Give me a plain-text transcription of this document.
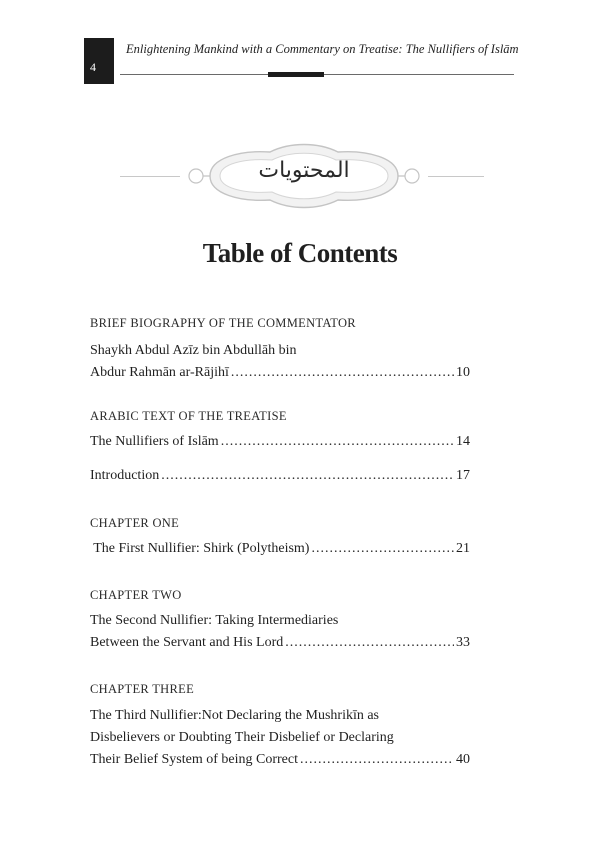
4
Enlightening Mankind with a Commentary on Treatise: The Nullifiers of Islām
المحتويات
Table of Contents
BRIEF BIOGRAPHY OF THE COMMENTATOR
Shaykh Abdul Azīz bin Abdullāh bin
Abdur Rahmān ar-Rājihī .....	10
ARABIC TEXT OF THE TREATISE
The Nullifiers of Islām .....	14
Introduction .....	17
CHAPTER ONE
The First Nullifier: Shirk (Polytheism) .....	21
CHAPTER TWO
The Second Nullifier: Taking Intermediaries
Between the Servant and His Lord .....	33
CHAPTER THREE
The Third Nullifier:Not Declaring the Mushrikīn as
Disbelievers or Doubting Their Disbelief or Declaring
Their Belief System of being Correct .....	40
